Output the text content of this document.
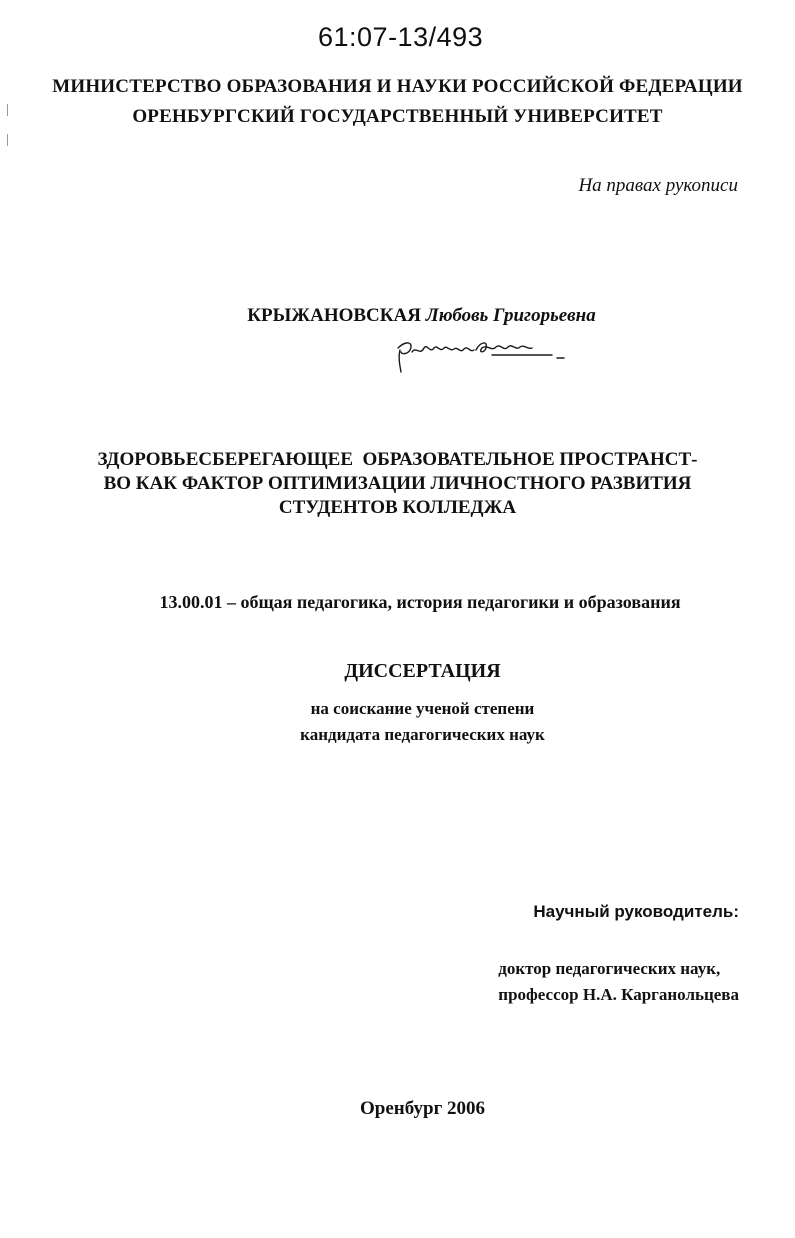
61:07-13/493
МИНИСТЕРСТВО ОБРАЗОВАНИЯ И НАУКИ РОССИЙСКОЙ ФЕДЕРАЦИИ
ОРЕНБУРГСКИЙ ГОСУДАРСТВЕННЫЙ УНИВЕРСИТЕТ
На правах рукописи
КРЫЖАНОВСКАЯ Любовь Григорьевна
ЗДОРОВЬЕСБЕРЕГАЮЩЕЕ  ОБРАЗОВАТЕЛЬНОЕ ПРОСТРАНСТ-
ВО КАК ФАКТОР ОПТИМИЗАЦИИ ЛИЧНОСТНОГО РАЗВИТИЯ
СТУДЕНТОВ КОЛЛЕДЖА
13.00.01 – общая педагогика, история педагогики и образования
ДИССЕРТАЦИЯ
на соискание ученой степени
кандидата педагогических наук
Научный руководитель:
доктор педагогических наук,
профессор Н.А. Карганольцева
Оренбург 2006
